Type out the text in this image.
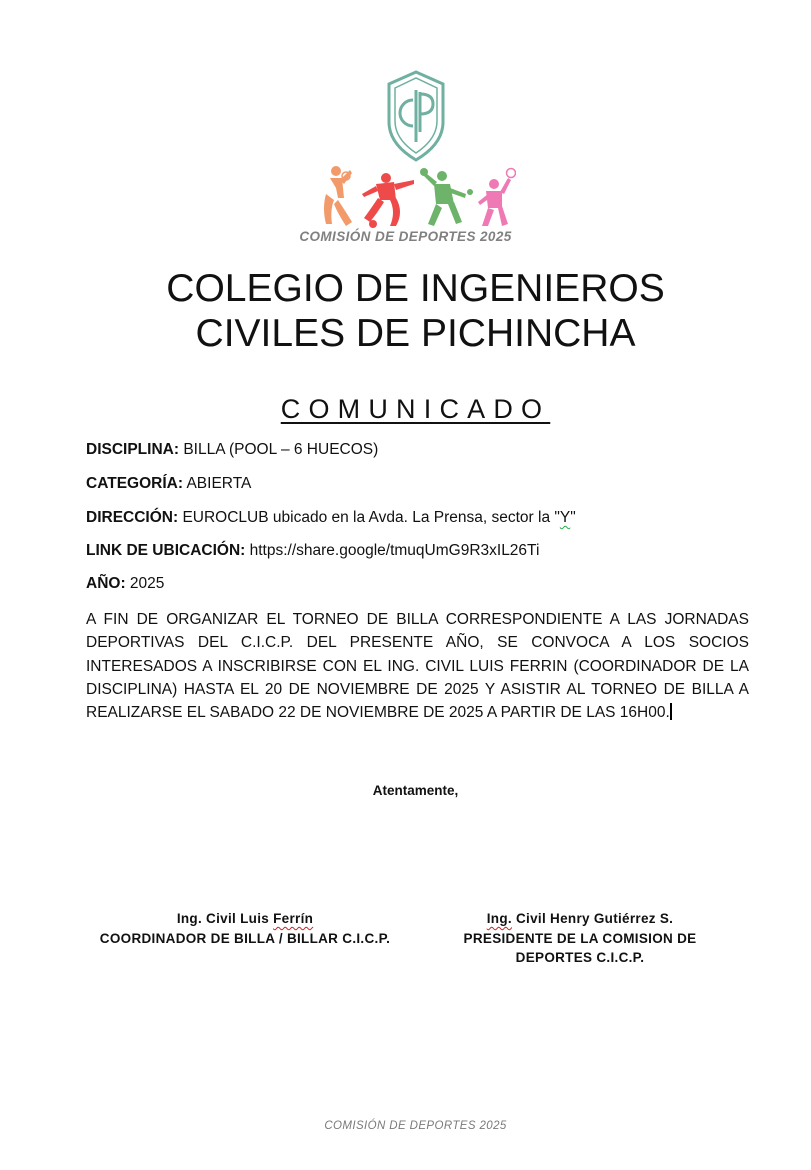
COMISIÓN DE DEPORTES 2025
COLEGIO DE INGENIEROS
CIVILES DE PICHINCHA
COMUNICADO
DISCIPLINA: BILLA (POOL – 6 HUECOS)
CATEGORÍA: ABIERTA
DIRECCIÓN: EUROCLUB ubicado en la Avda. La Prensa, sector la "Y"
LINK DE UBICACIÓN: https://share.google/tmuqUmG9R3xIL26Ti
AÑO: 2025
A FIN DE ORGANIZAR EL TORNEO DE BILLA CORRESPONDIENTE A LAS JORNADAS DEPORTIVAS DEL C.I.C.P. DEL PRESENTE AÑO, SE CONVOCA A LOS SOCIOS INTERESADOS A INSCRIBIRSE CON EL ING. CIVIL LUIS FERRIN (COORDINADOR DE LA DISCIPLINA) HASTA EL 20 DE NOVIEMBRE DE 2025 Y ASISTIR AL TORNEO DE BILLA A REALIZARSE EL SABADO 22 DE NOVIEMBRE DE 2025 A PARTIR DE LAS 16H00.
Atentamente,
Ing. Civil Luis Ferrín
COORDINADOR DE BILLA / BILLAR C.I.C.P.
Ing. Civil Henry Gutiérrez S.
PRESIDENTE DE LA COMISION DE
DEPORTES C.I.C.P.
COMISIÓN DE DEPORTES 2025
